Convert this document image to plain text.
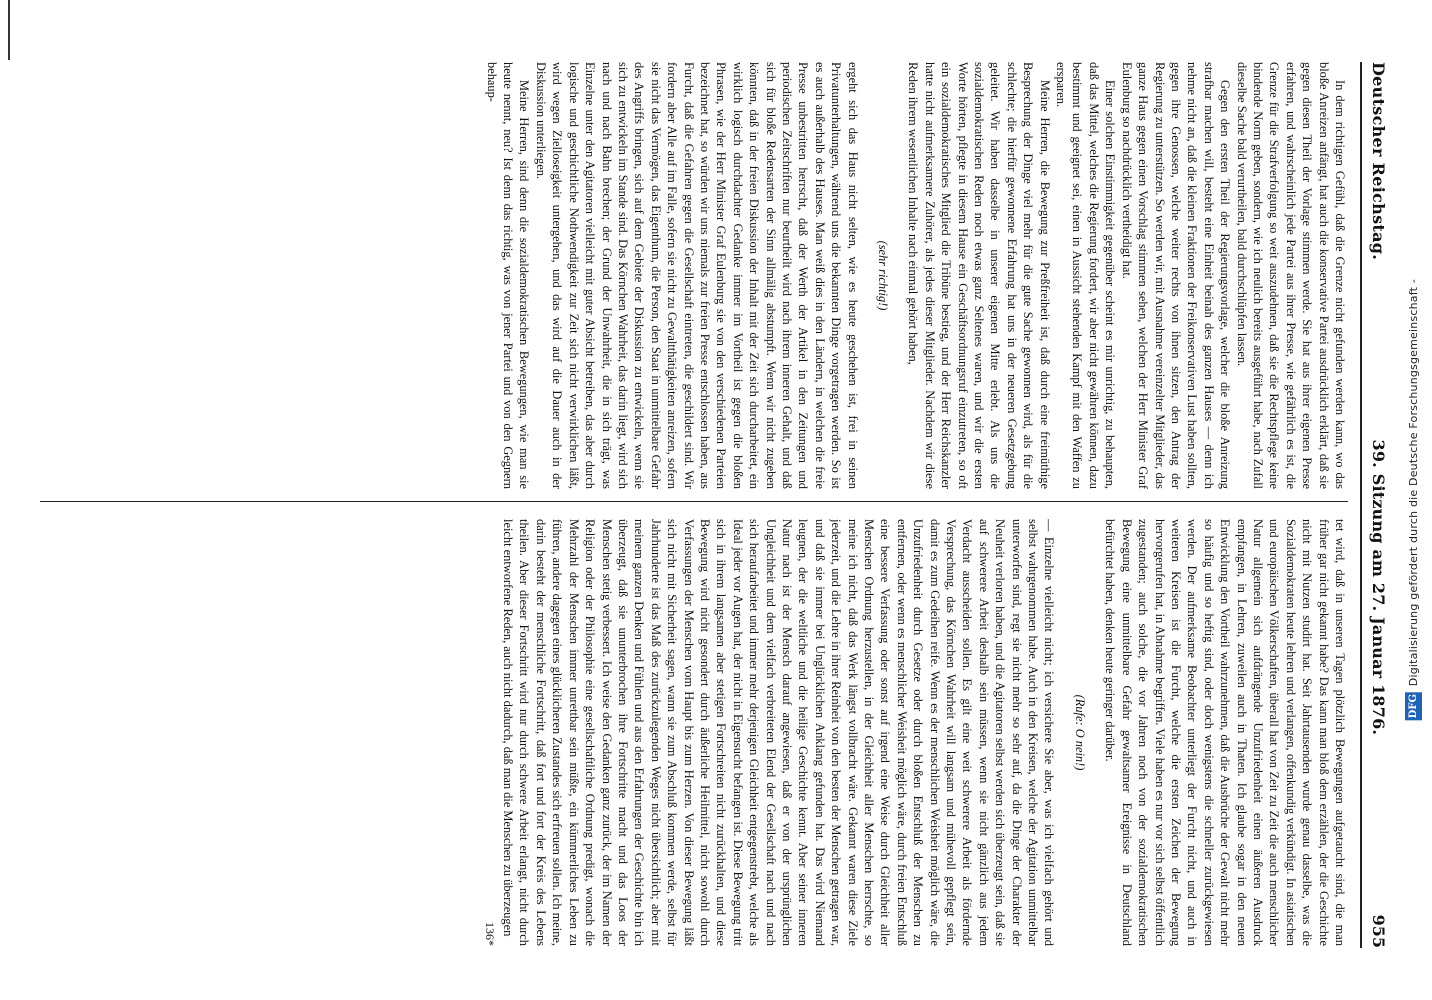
Deutscher Reichstag.
39. Sitzung am 27. Januar 1876.
955

In dem richtigen Gefühl, daß die Grenze nicht gefunden werden kann, wo das bloße Anreizen anfängt, hat auch die konservative Partei ausdrücklich erklärt, daß sie gegen diesen Theil der Vorlage stimmen werde. Sie hat aus ihrer eigenen Presse erfahren, und wahrscheinlich jede Partei aus ihrer Presse, wie gefährlich es ist, die Grenze für die Strafverfolgung so weit auszudehnen, daß sie die Rechtspflege keine bindende Norm geben, sondern, wie ich neulich bereits ausgeführt habe, nach Zufall dieselbe Sache bald verurtheilen, bald durchschlüpfen lassen.

Gegen den ersten Theil der Regierungsvorlage, welcher die bloße Anreizung strafbar machen will, besteht eine Einheit beinah des ganzen Hauses — denn ich nehme nicht an, daß die kleinen Fraktionen der Freikonservativen Lust haben sollten, gegen ihre Genossen, welche weiter rechts von ihnen sitzen, den Antrag der Regierung zu unterstützen. So werden wir, mit Ausnahme vereinzelter Mitglieder, das ganze Haus gegen einen Vorschlag stimmen sehen, welchen der Herr Minister Graf Eulenburg so nachdrücklich vertheidigt hat.

Einer solchen Einstimmigkeit gegenüber scheint es mir unrichtig, zu behaupten, daß das Mittel, welches die Regierung fordert, wir aber nicht gewähren können, dazu bestimmt und geeignet sei, einen in Aussicht stehenden Kampf mit den Waffen zu ersparen.

Meine Herren, die Bewegung zur Preßfreiheit ist, daß durch eine freimüthige Besprechung der Dinge viel mehr für die gute Sache gewonnen wird, als für die schlechte; die hierfür gewonnene Erfahrung hat uns in der neueren Gesetzgebung geleitet. Wir haben dasselbe in unserer eigenen Mitte erlebt. Als uns die sozialdemokratischen Reden noch etwas ganz Seltenes waren, und wir die ersten Worte hörten, pflegte in diesem Hause ein Geschäftsordnungsruf einzutreten, so oft ein sozialdemokratisches Mitglied die Tribüne bestieg, und der Herr Reichskanzler hatte nicht aufmerksamere Zuhörer, als jedes dieser Mitglieder. Nachdem wir diese Reden ihrem wesentlichen Inhalte nach einmal gehört haben,

(sehr richtig!)

ergeht sich das Haus nicht selten, wie es heute geschehen ist, frei in seinen Privatunterhaltungen, während uns die bekannten Dinge vorgetragen werden. So ist es auch außerhalb des Hauses. Man weiß dies in den Ländern, in welchen die freie Presse unbestritten herrscht, daß der Werth der Artikel in den Zeitungen und periodischen Zeitschriften nur beurtheilt wird nach ihrem inneren Gehalt, und daß sich für bloße Redensarten der Sinn allmälig abstumpft. Wenn wir nicht zugeben könnten, daß in der freien Diskussion der Inhalt mit der Zeit sich durcharbeitet, ein wirklich logisch durchdachter Gedanke immer im Vortheil ist gegen die bloßen Phrasen, wie der Herr Minister Graf Eulenburg sie von den verschiedenen Parteien bezeichnet hat, so würden wir uns niemals zur freien Presse entschlossen haben, aus Furcht, daß die Gefahren gegen die Gesellschaft eintreten, die geschildert sind. Wir fordern aber Alle auf im Falle, sofern sie nicht zu Gewaltthätigkeiten anreizen, sofern sie nicht das Vermögen, das Eigenthum, die Person, den Staat in unmittelbare Gefahr des Angriffs bringen, sich auf dem Gebiete der Diskussion zu entwickeln, wenn sie sich zu entwickeln im Stande sind. Das Körnchen Wahrheit, das darin liegt, wird sich nach und nach Bahn brechen; der Grund der Unwahrheit, die in sich trägt, was Einzelne unter den Agitatoren vielleicht mit guter Absicht betreiben, das aber durch logische und geschichtliche Nothwendigkeit zur Zeit sich nicht verwirklichen läßt, wird wegen Zielloseigkeit untergehen, und das wird auf die Dauer auch in der Diskussion unterliegen.

Meine Herren, sind denn die sozialdemokratischen Bewegungen, wie man sie heute nennt, neu? Ist denn das richtig, was von jener Partei und von den Gegnern behaup-

tet wird, daß in unseren Tagen plötzlich Bewegungen aufgetaucht sind, die man früher gar nicht gekannt habe? Das kann man bloß dem erzählen, der die Geschichte nicht mit Nutzen studirt hat. Seit Jahrtausenden wurde genau dasselbe, was die Sozialdemokraten heute lehren und verlangen, offenkundig verkündigt. In asiatischen und europäischen Völkerschaften, überall hat von Zeit zu Zeit die auch menschlicher Natur allgemein sich aufdrängende Unzufriedenheit einen äußeren Ausdruck empfangen, in Lehren, zuweilen auch in Thaten. Ich glaube sogar in den neuen Entwicklung den Vortheil wahrzunehmen, daß die Ausbrüche der Gewalt nicht mehr so häufig und so heftig sind, oder doch wenigstens die schneller zurückgewiesen werden. Der aufmerksame Beobachter unterliegt der Furcht nicht, und auch in weiteren Kreisen ist die Furcht, welche die ersten Zeichen der Bewegung hervorgerufen hat, in Abnahme begriffen. Viele haben es nur vor sich selbst öffentlich zugestanden; auch solche, die vor Jahren noch von der sozialdemokratischen Bewegung eine unmittelbare Gefahr gewaltsamer Ereignisse in Deutschland befürchtet haben, denken heute geringer darüber.

(Rufe: O nein!)

— Einzelne vielleicht nicht; ich versichere Sie aber, was ich vielfach gehört und selbst wahrgenommen habe. Auch in den Kreisen, welche der Agitation unmittelbar unterworfen sind, regt sie nicht mehr so sehr auf, da die Dinge der Charakter der Neuheit verloren haben, und die Agitatoren selbst werden sich überzeugt sein, daß sie auf schwerere Arbeit deshalb sein müssen, wenn sie nicht gänzlich aus jedem Verdacht ausscheiden sollen. Es gilt eine weit schwerere Arbeit als fördernde Versprechung, das Körnchen Wahrheit will langsam und mühevoll gepflegt sein, damit es zum Gedeihen reife. Wenn es der menschlichen Weisheit möglich wäre, die Unzufriedenheit durch Gesetze oder durch bloßen Entschluß der Menschen zu entfernen, oder wenn es menschlicher Weisheit möglich wäre, durch freien Entschluß eine bessere Verfassung oder sonst auf irgend eine Weise durch Gleichheit aller Menschen Ordnung herzustellen, in der Gleichheit aller Menschen herrschte, so meine ich nicht, daß das Werk längst vollbracht wäre. Gekannt waren diese Ziele jederzeit, und die Lehre in ihrer Reinheit von den besten der Menschen getragen war, und daß sie immer bei Unglücklichen Anklang gefunden hat. Das wird Niemand leugnen, der die weltliche und die heilige Geschichte kennt. Aber seiner inneren Natur nach ist der Mensch darauf angewiesen, daß er von der ursprünglichen Ungleichheit und dem vielfach verbreiteten Elend der Gesellschaft nach und nach sich heraufarbeitet und immer mehr derjenigen Gleichheit entgegenstrebt, welche als Ideal jeder vor Augen hat, der nicht in Eigensucht befangen ist. Diese Bewegung tritt sich in ihrem langsamen aber stetigen Fortschreiten nicht zurückhalten, und diese Bewegung wird nicht gesondert durch äußerliche Heilmittel, nicht sowohl durch Verfassungen der Menschen vom Haupt bis zum Herzen. Von dieser Bewegung läßt sich nicht mit Sicherheit sagen, wann sie zum Abschluß kommen werde, selbst für Jahrhunderte ist das Maß des zurückzulegenden Weges nicht übersichtlich; aber mit meinem ganzen Denken und Fühlen und aus den Erfahrungen der Geschichte bin ich überzeugt, daß sie ununterbrochen ihre Fortschritte macht und das Loos der Menschen stetig verbessert. Ich weise den Gedanken ganz zurück, der im Namen der Religion oder der Philosophie eine gesellschaftliche Ordnung predigt, wonach die Mehrzahl der Menschen immer unrettbar sein müßte, ein kümmerliches Leben zu führen, andere dagegen eines glücklicheren Zustandes sich erfreuen sollen. Ich meine, darin besteht der menschliche Fortschritt, daß fort und fort der Kreis des Lebens theilen. Aber dieser Fortschritt wird nur durch schwere Arbeit erlangt, nicht durch leicht entworfene Reden, auch nicht dadurch, daß man die Menschen zu überzeugen

136*
Digitalisierung gefördert durch die Deutsche Forschungsgemeinschaft -
DFG
